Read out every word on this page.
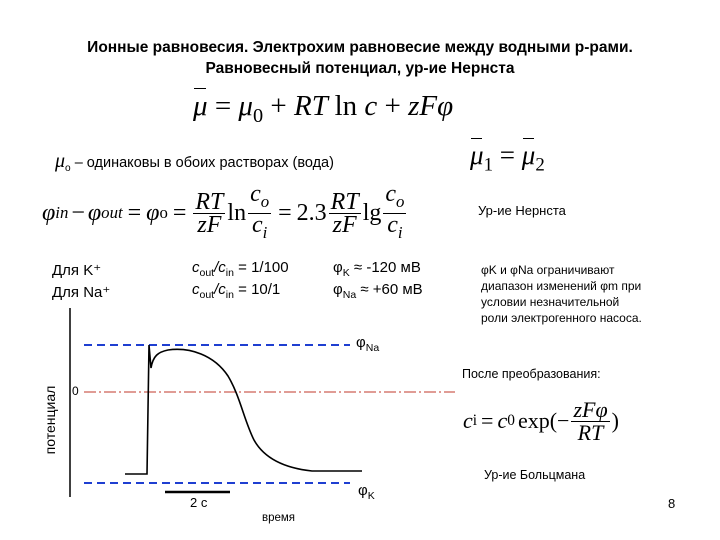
Ионные равновесия. Электрохим равновесие между водными р-рами.
Равновесный потенциал, ур-ие Нернста
$\mu = \mu_0$ + RT ln c + zFφ
$\mu_o$ – одинаковы в обоих растворах (вода)	$\mu_1 = \mu_2$
φ in − φ out = φ $o = \frac{RT}{zF}$ $\ln \frac{c_o}{c_i} = 2.3 \frac{RT}{zF}$ $\lg \frac{c_o}{c_i}$	Ур-ие Нернста
Для K⁺
Для Na⁺
$c_{out}/c_{in} = 1/100$
$c_{out}/c_{in} = 10/1$
$\varphi_K \approx -120$ мВ
$\varphi_{Na} \approx +60$ мВ
φK и φNa ограничивают
диапазон изменений φm при
условии незначительной
роли электрогенного насоса.
После преобразования:
c i = c 0 $\exp(- \frac{\text{zFφ}}{RT}$ )
Ур-ие Больцмана
8
потенциал 0
2 с
время
$\varphi_{Na}$
$\varphi_K$
